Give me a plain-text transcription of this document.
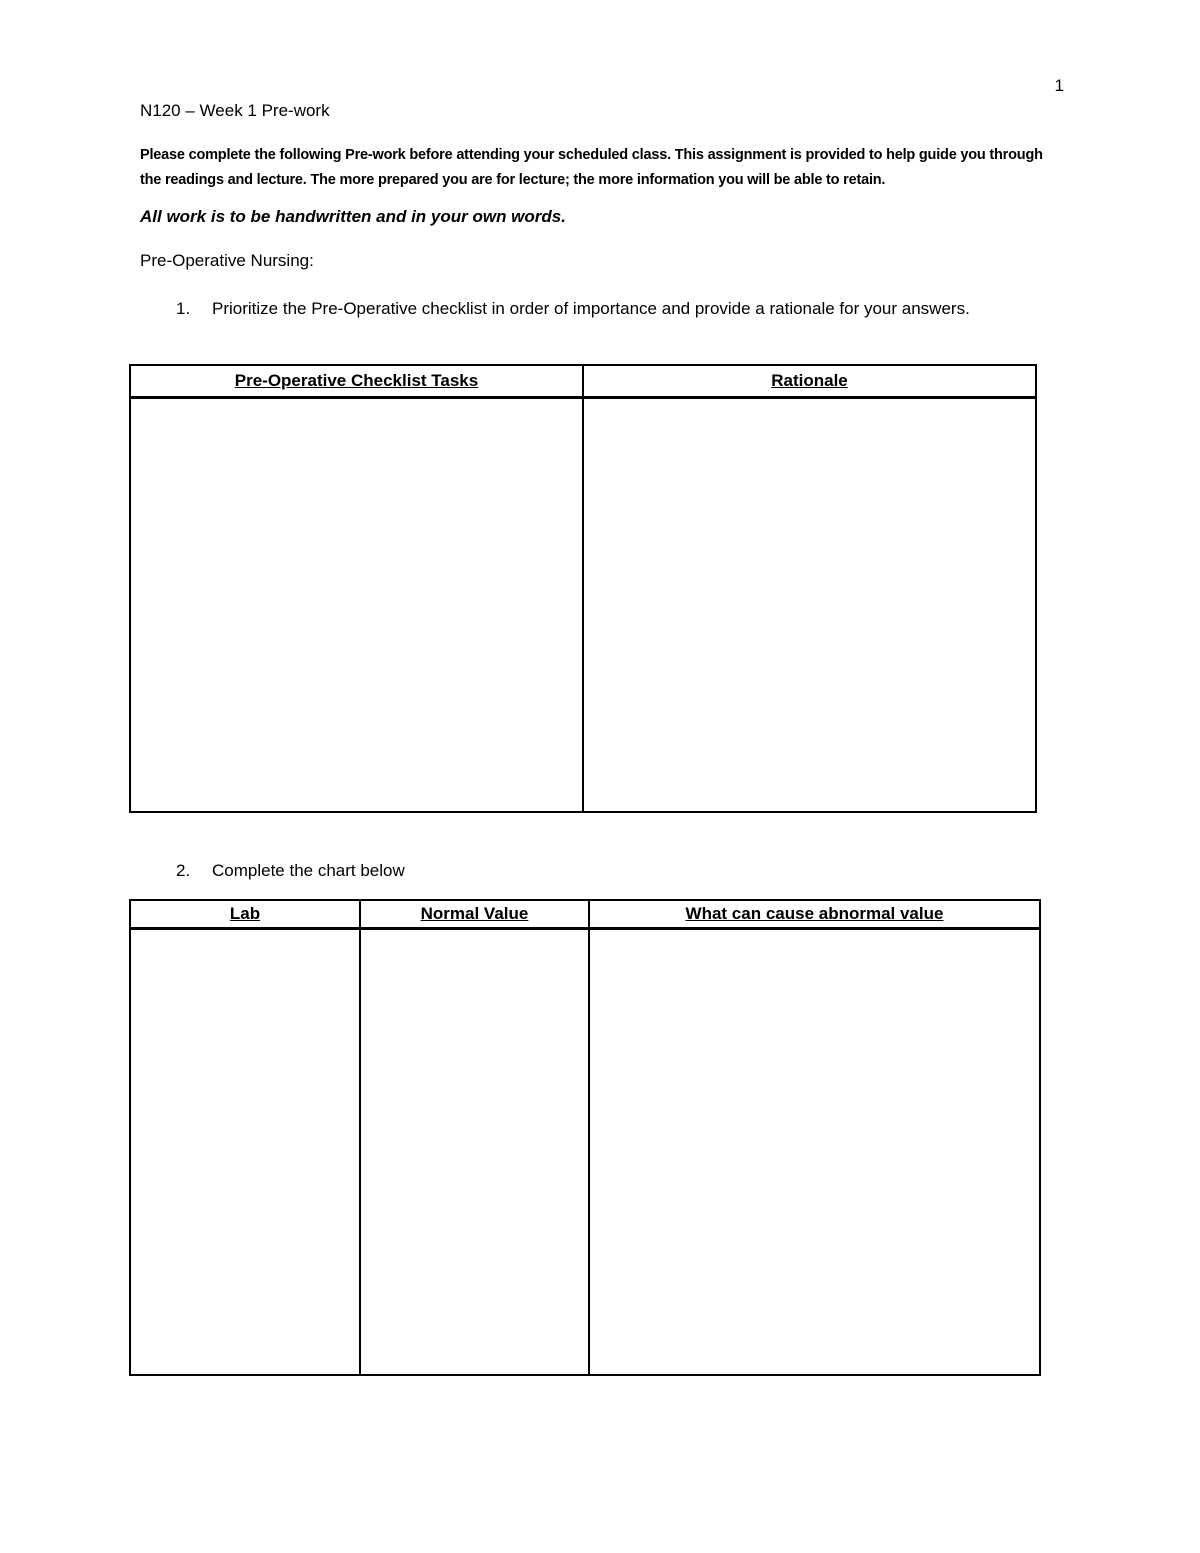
1
N120 – Week 1 Pre-work
Please complete the following Pre-work before attending your scheduled class. This assignment is provided to help guide you through the readings and lecture. The more prepared you are for lecture; the more information you will be able to retain.
All work is to be handwritten and in your own words.
Pre-Operative Nursing:
1. Prioritize the Pre-Operative checklist in order of importance and provide a rationale for your answers.
Pre-Operative Checklist Tasks	Rationale

2. Complete the chart below
Lab	Normal Value	What can cause abnormal value
